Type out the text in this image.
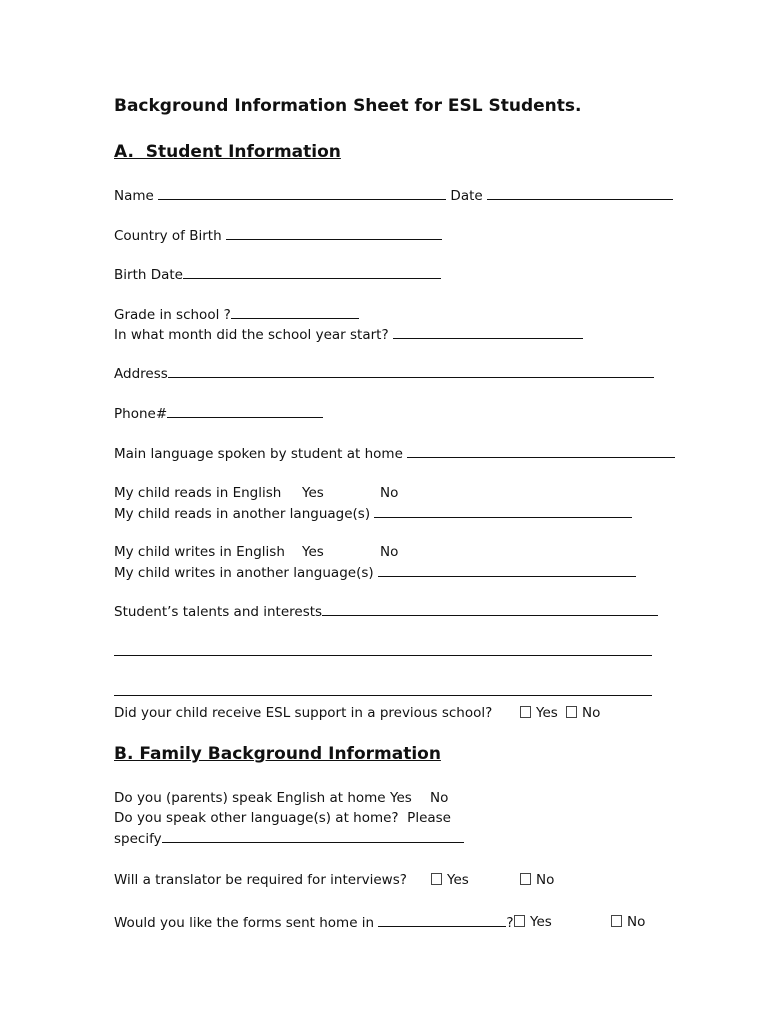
Background Information Sheet for ESL Students.
A.  Student Information
Name	Date
Country of Birth
Birth Date
Grade in school ?
In what month did the school year start?
Address
Phone#
Main language spoken by student at home
My child reads in English Yes	No
My child reads in another language(s)
My child writes in English Yes	No
My child writes in another language(s)
Student’s talents and interests
Did your child receive ESL support in a previous school?	Yes	No
B. Family Background Information
Do you (parents) speak English at home Yes No
Do you speak other language(s) at home?  Please
specify
Will a translator be required for interviews?	Yes	No
Would you like the forms sent home in	?	Yes	No
